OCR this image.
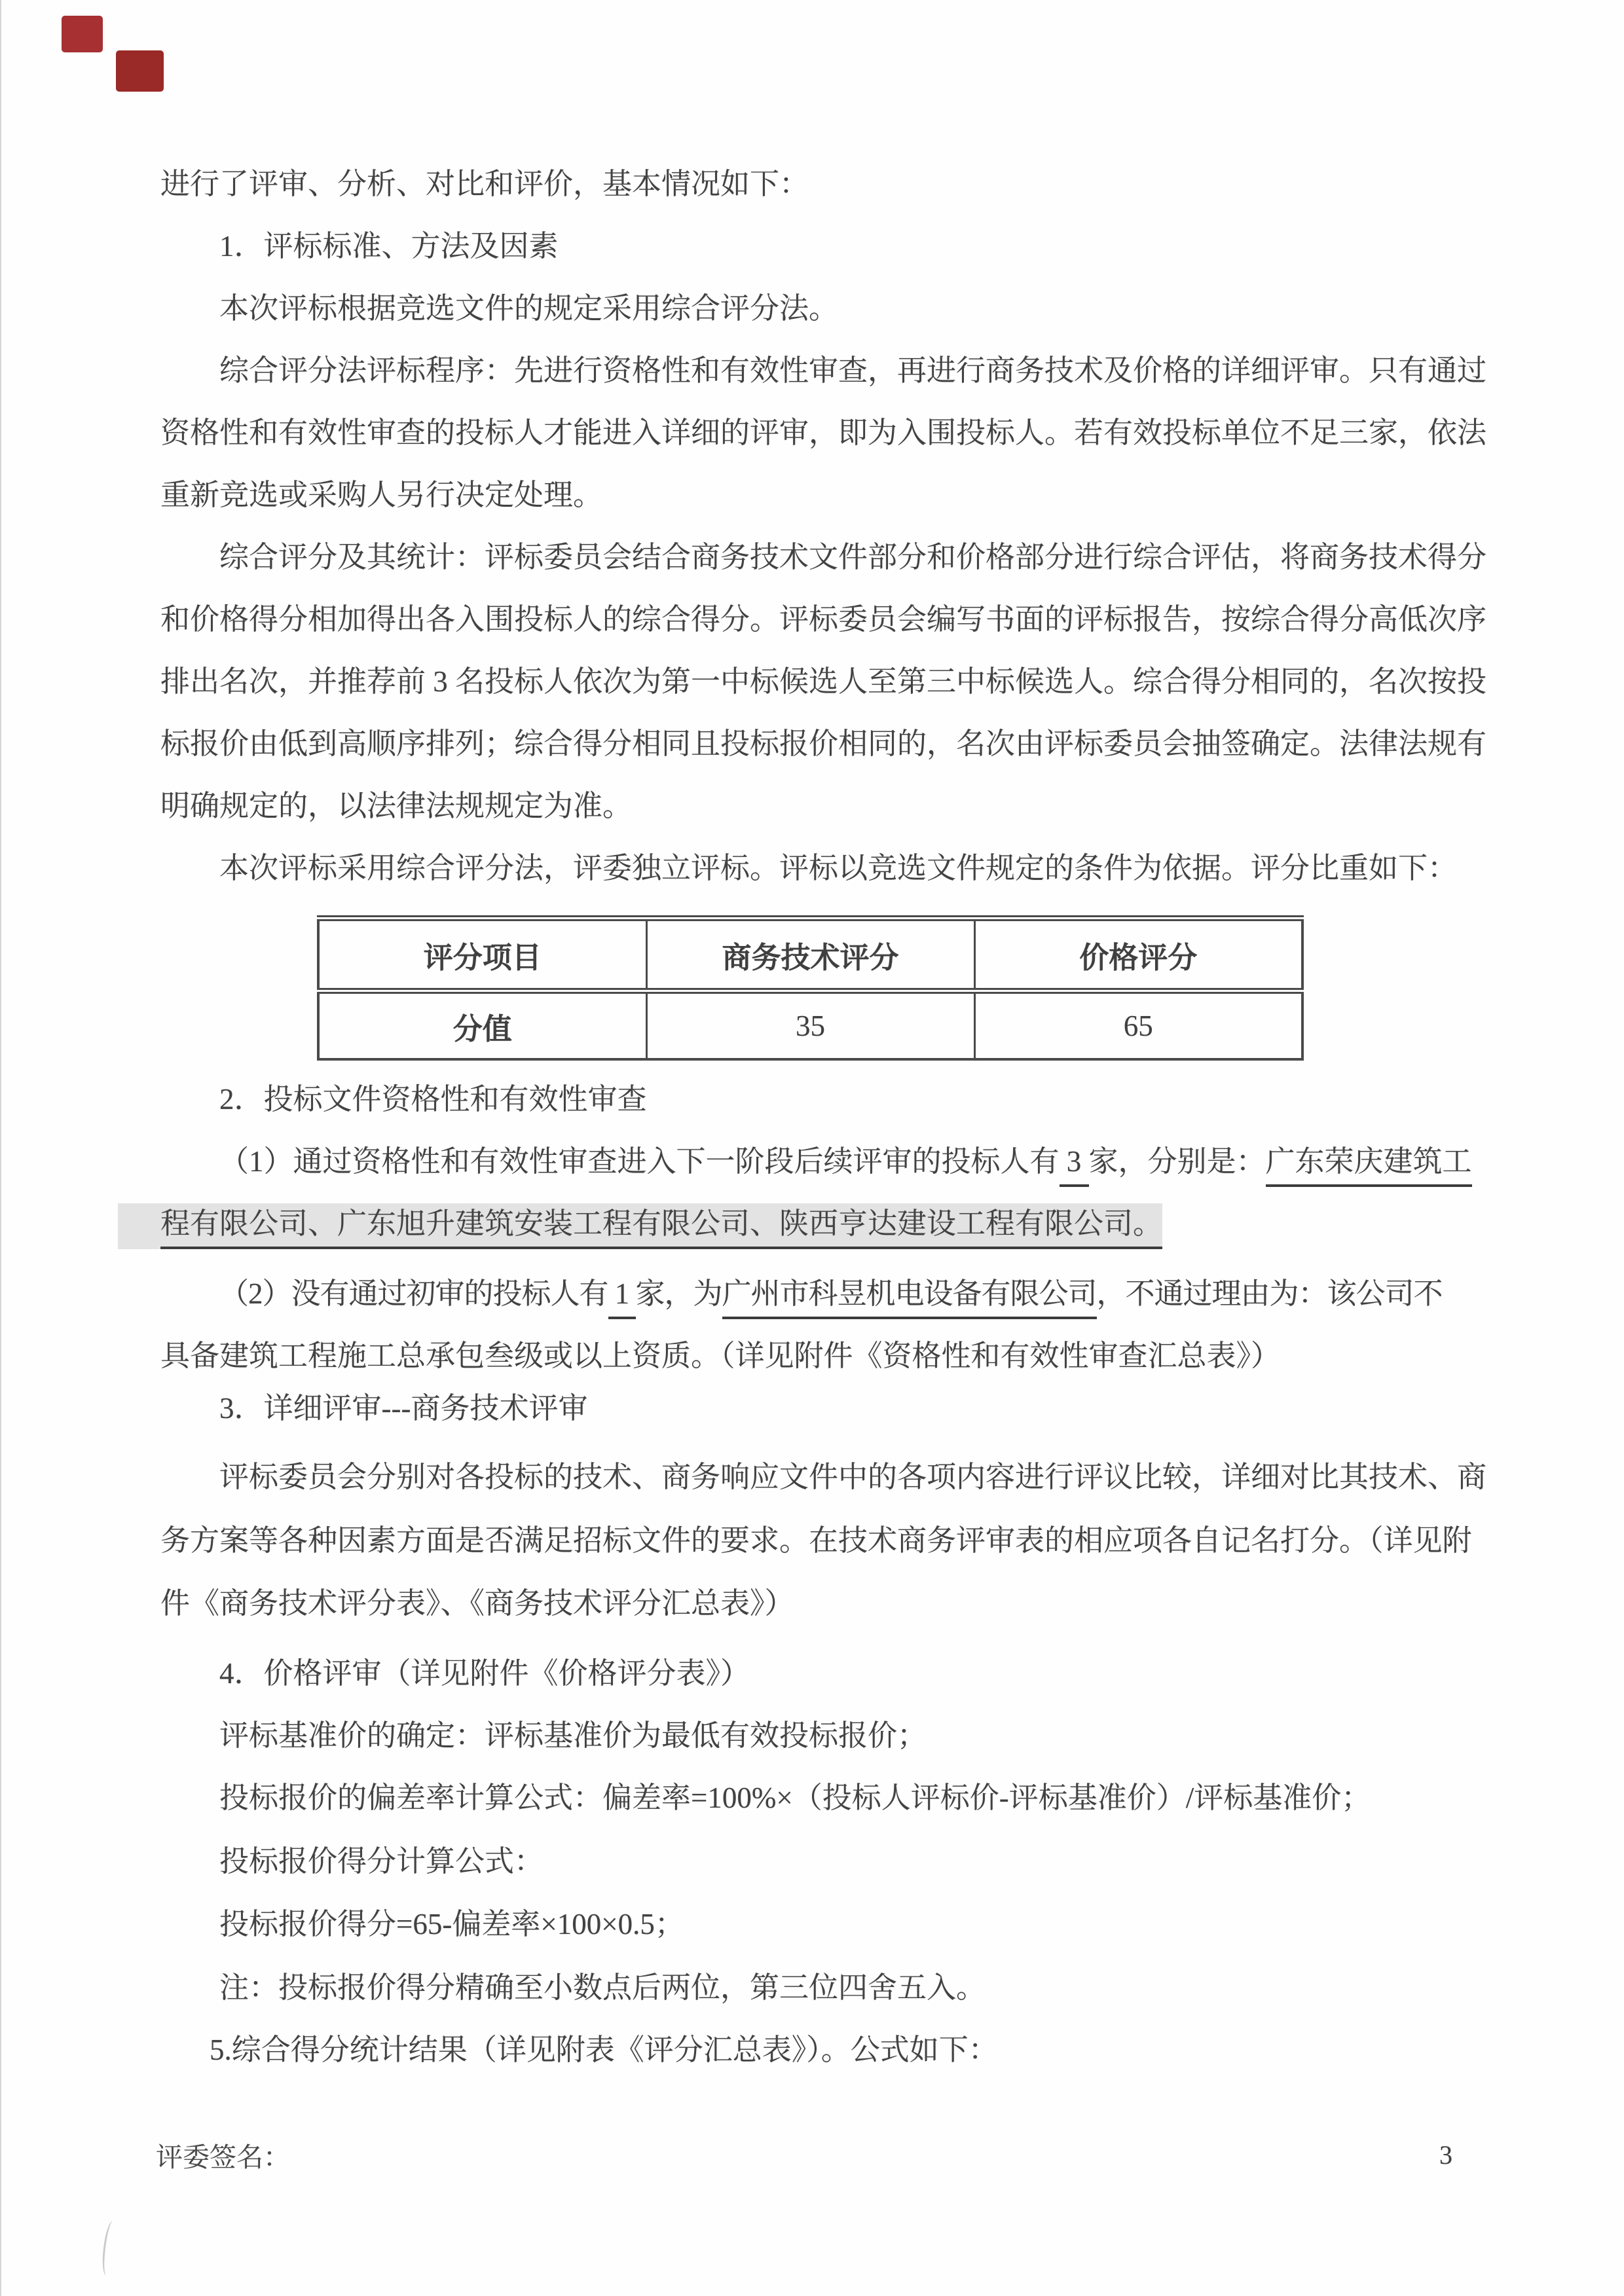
进行了评审、分析、对比和评价，基本情况如下：
1．评标标准、方法及因素
本次评标根据竞选文件的规定采用综合评分法。
综合评分法评标程序：先进行资格性和有效性审查，再进行商务技术及价格的详细评审。只有通过
资格性和有效性审查的投标人才能进入详细的评审，即为入围投标人。若有效投标单位不足三家，依法
重新竞选或采购人另行决定处理。
综合评分及其统计：评标委员会结合商务技术文件部分和价格部分进行综合评估，将商务技术得分
和价格得分相加得出各入围投标人的综合得分。评标委员会编写书面的评标报告，按综合得分高低次序
排出名次，并推荐前 3 名投标人依次为第一中标候选人至第三中标候选人。综合得分相同的，名次按投
标报价由低到高顺序排列；综合得分相同且投标报价相同的，名次由评标委员会抽签确定。法律法规有
明确规定的，以法律法规规定为准。
本次评标采用综合评分法，评委独立评标。评标以竞选文件规定的条件为依据。评分比重如下：
2．投标文件资格性和有效性审查
（1）通过资格性和有效性审查进入下一阶段后续评审的投标人有 3 家，分别是：广东荣庆建筑工
程有限公司、广东旭升建筑安装工程有限公司、陕西亨达建设工程有限公司。
（2）没有通过初审的投标人有 1 家，为广州市科昱机电设备有限公司，不通过理由为：该公司不
具备建筑工程施工总承包叁级或以上资质。（详见附件《资格性和有效性审查汇总表》）
3．详细评审---商务技术评审
评标委员会分别对各投标的技术、商务响应文件中的各项内容进行评议比较，详细对比其技术、商
务方案等各种因素方面是否满足招标文件的要求。在技术商务评审表的相应项各自记名打分。（详见附
件《商务技术评分表》、《商务技术评分汇总表》）
4．价格评审（详见附件《价格评分表》）
评标基准价的确定：评标基准价为最低有效投标报价；
投标报价的偏差率计算公式：偏差率=100%×（投标人评标价-评标基准价）/评标基准价；
投标报价得分计算公式：
投标报价得分=65-偏差率×100×0.5；
注：投标报价得分精确至小数点后两位，第三位四舍五入。
5.综合得分统计结果（详见附表《评分汇总表》）。公式如下：
评分项目	商务技术评分	价格评分
分值	35	65
评委签名：	3
